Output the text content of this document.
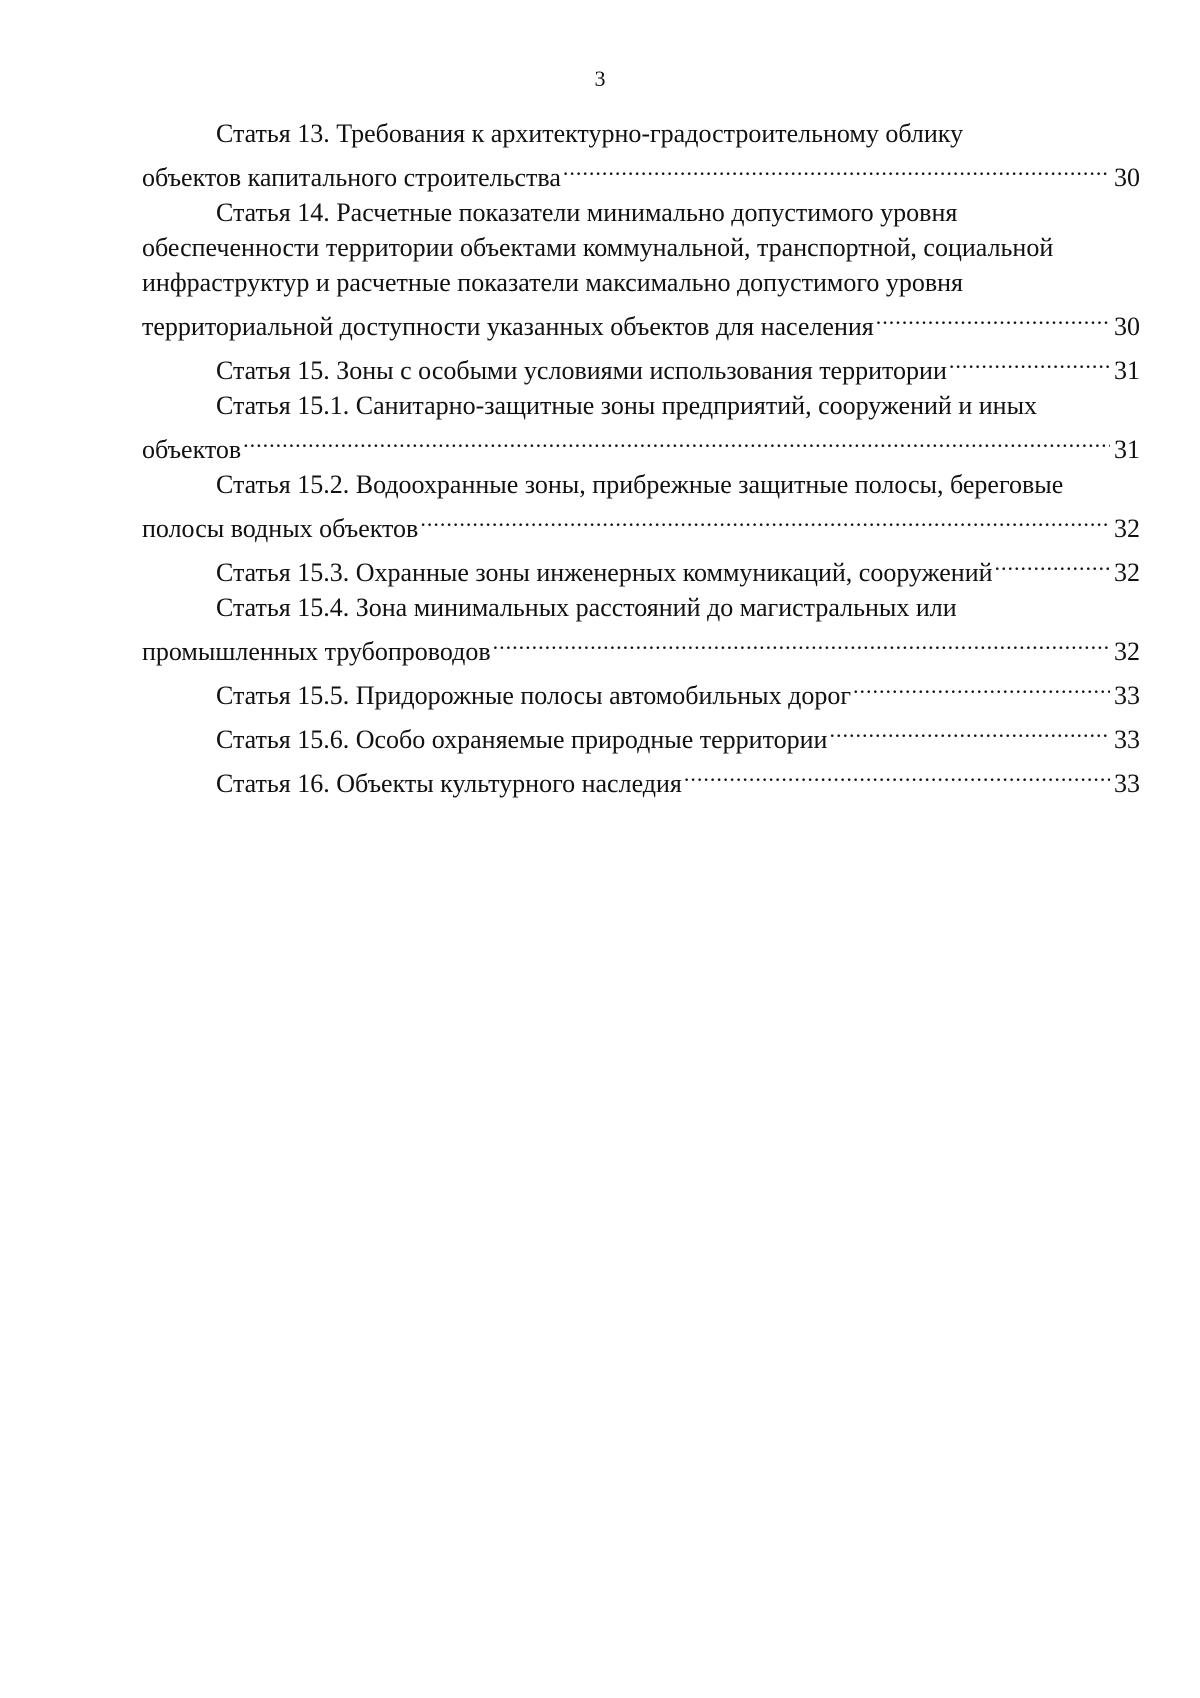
3
Статья 13. Требования к архитектурно-градостроительному облику
объектов капитального строительства .....	30
Статья 14. Расчетные показатели минимально допустимого уровня
обеспеченности территории объектами коммунальной, транспортной, социальной
инфраструктур и расчетные показатели максимально допустимого уровня
территориальной доступности указанных объектов для населения .....	30
Статья 15. Зоны с особыми условиями использования территории .....	31
Статья 15.1. Санитарно-защитные зоны предприятий, сооружений и иных
объектов .....	31
Статья 15.2. Водоохранные зоны, прибрежные защитные полосы, береговые
полосы водных объектов .....	32
Статья 15.3. Охранные зоны инженерных коммуникаций, сооружений .....	32
Статья 15.4. Зона минимальных расстояний до магистральных или
промышленных трубопроводов .....	32
Статья 15.5. Придорожные полосы автомобильных дорог .....	33
Статья 15.6. Особо охраняемые природные территории .....	33
Статья 16. Объекты культурного наследия .....	33
